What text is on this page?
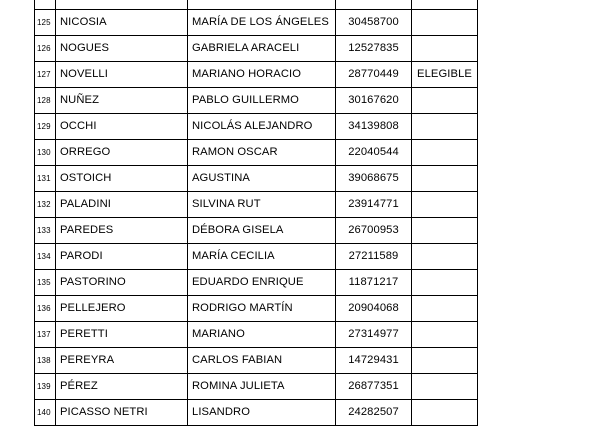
125	NICOSIA	MARÍA DE LOS ÁNGELES	30458700	
126	NOGUES	GABRIELA ARACELI	12527835	
127	NOVELLI	MARIANO HORACIO	28770449	ELEGIBLE
128	NUÑEZ	PABLO GUILLERMO	30167620	
129	OCCHI	NICOLÁS ALEJANDRO	34139808	
130	ORREGO	RAMON OSCAR	22040544	
131	OSTOICH	AGUSTINA	39068675	
132	PALADINI	SILVINA RUT	23914771	
133	PAREDES	DÉBORA GISELA	26700953	
134	PARODI	MARÍA CECILIA	27211589	
135	PASTORINO	EDUARDO ENRIQUE	11871217	
136	PELLEJERO	RODRIGO MARTÍN	20904068	
137	PERETTI	MARIANO	27314977	
138	PEREYRA	CARLOS FABIAN	14729431	
139	PÉREZ	ROMINA JULIETA	26877351	
140	PICASSO NETRI	LISANDRO	24282507	
